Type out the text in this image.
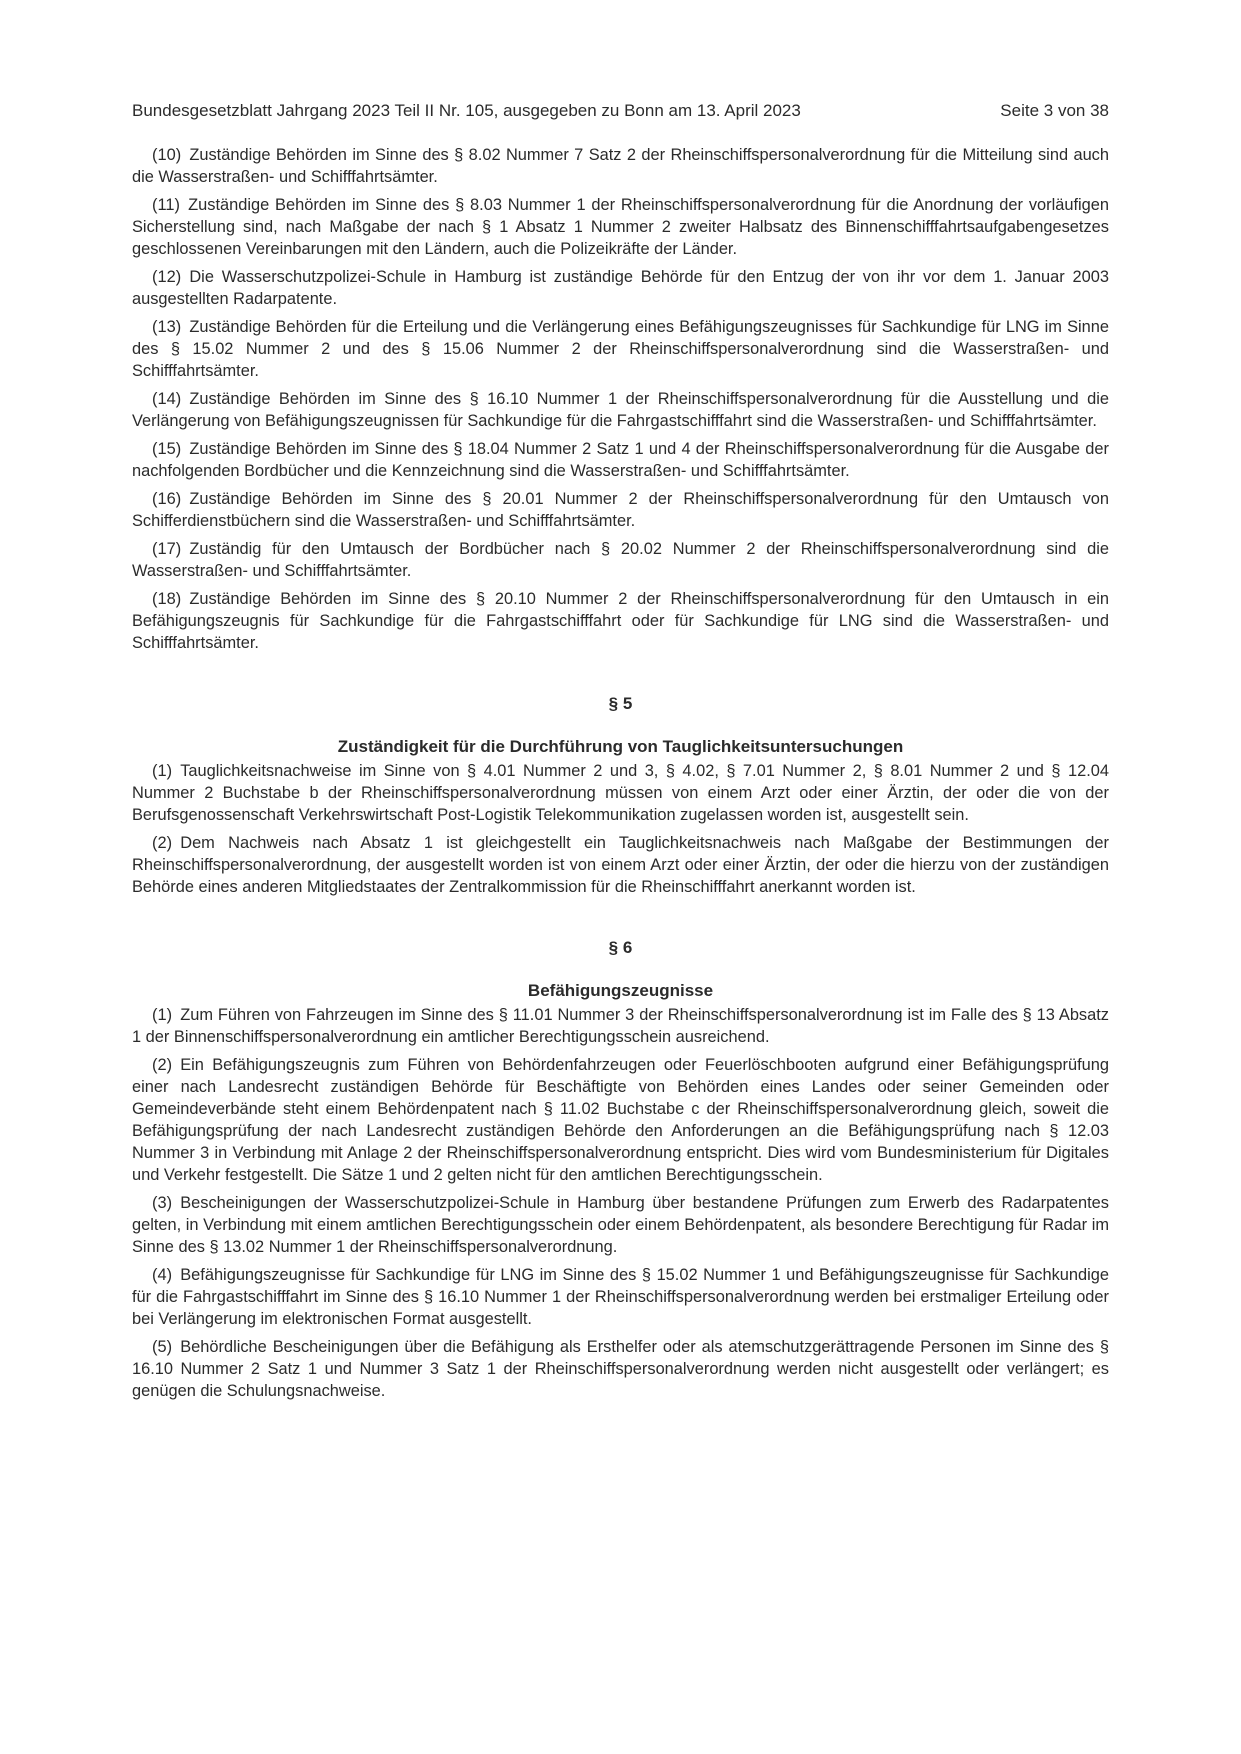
Bundesgesetzblatt Jahrgang 2023 Teil II Nr. 105, ausgegeben zu Bonn am 13. April 2023	Seite 3 von 38

(10) Zuständige Behörden im Sinne des § 8.02 Nummer 7 Satz 2 der Rheinschiffspersonalverordnung für die Mitteilung sind auch die Wasserstraßen- und Schifffahrtsämter.

(11) Zuständige Behörden im Sinne des § 8.03 Nummer 1 der Rheinschiffspersonalverordnung für die Anordnung der vorläufigen Sicherstellung sind, nach Maßgabe der nach § 1 Absatz 1 Nummer 2 zweiter Halbsatz des Binnenschifffahrtsaufgabengesetzes geschlossenen Vereinbarungen mit den Ländern, auch die Polizeikräfte der Länder.

(12) Die Wasserschutzpolizei-Schule in Hamburg ist zuständige Behörde für den Entzug der von ihr vor dem 1. Januar 2003 ausgestellten Radarpatente.

(13) Zuständige Behörden für die Erteilung und die Verlängerung eines Befähigungszeugnisses für Sachkundige für LNG im Sinne des § 15.02 Nummer 2 und des § 15.06 Nummer 2 der Rheinschiffspersonalverordnung sind die Wasserstraßen- und Schifffahrtsämter.

(14) Zuständige Behörden im Sinne des § 16.10 Nummer 1 der Rheinschiffspersonalverordnung für die Ausstellung und die Verlängerung von Befähigungszeugnissen für Sachkundige für die Fahrgastschifffahrt sind die Wasserstraßen- und Schifffahrtsämter.

(15) Zuständige Behörden im Sinne des § 18.04 Nummer 2 Satz 1 und 4 der Rheinschiffspersonalverordnung für die Ausgabe der nachfolgenden Bordbücher und die Kennzeichnung sind die Wasserstraßen- und Schifffahrtsämter.

(16) Zuständige Behörden im Sinne des § 20.01 Nummer 2 der Rheinschiffspersonalverordnung für den Umtausch von Schifferdienstbüchern sind die Wasserstraßen- und Schifffahrtsämter.

(17) Zuständig für den Umtausch der Bordbücher nach § 20.02 Nummer 2 der Rheinschiffspersonalverordnung sind die Wasserstraßen- und Schifffahrtsämter.

(18) Zuständige Behörden im Sinne des § 20.10 Nummer 2 der Rheinschiffspersonalverordnung für den Umtausch in ein Befähigungszeugnis für Sachkundige für die Fahrgastschifffahrt oder für Sachkundige für LNG sind die Wasserstraßen- und Schifffahrtsämter.

§ 5

Zuständigkeit für die Durchführung von Tauglichkeitsuntersuchungen

(1) Tauglichkeitsnachweise im Sinne von § 4.01 Nummer 2 und 3, § 4.02, § 7.01 Nummer 2, § 8.01 Nummer 2 und § 12.04 Nummer 2 Buchstabe b der Rheinschiffspersonalverordnung müssen von einem Arzt oder einer Ärztin, der oder die von der Berufsgenossenschaft Verkehrswirtschaft Post-Logistik Telekommunikation zugelassen worden ist, ausgestellt sein.

(2) Dem Nachweis nach Absatz 1 ist gleichgestellt ein Tauglichkeitsnachweis nach Maßgabe der Bestimmungen der Rheinschiffspersonalverordnung, der ausgestellt worden ist von einem Arzt oder einer Ärztin, der oder die hierzu von der zuständigen Behörde eines anderen Mitgliedstaates der Zentralkommission für die Rheinschifffahrt anerkannt worden ist.

§ 6

Befähigungszeugnisse

(1) Zum Führen von Fahrzeugen im Sinne des § 11.01 Nummer 3 der Rheinschiffspersonalverordnung ist im Falle des § 13 Absatz 1 der Binnenschiffspersonalverordnung ein amtlicher Berechtigungsschein ausreichend.

(2) Ein Befähigungszeugnis zum Führen von Behördenfahrzeugen oder Feuerlöschbooten aufgrund einer Befähigungsprüfung einer nach Landesrecht zuständigen Behörde für Beschäftigte von Behörden eines Landes oder seiner Gemeinden oder Gemeindeverbände steht einem Behördenpatent nach § 11.02 Buchstabe c der Rheinschiffspersonalverordnung gleich, soweit die Befähigungsprüfung der nach Landesrecht zuständigen Behörde den Anforderungen an die Befähigungsprüfung nach § 12.03 Nummer 3 in Verbindung mit Anlage 2 der Rheinschiffspersonalverordnung entspricht. Dies wird vom Bundesministerium für Digitales und Verkehr festgestellt. Die Sätze 1 und 2 gelten nicht für den amtlichen Berechtigungsschein.

(3) Bescheinigungen der Wasserschutzpolizei-Schule in Hamburg über bestandene Prüfungen zum Erwerb des Radarpatentes gelten, in Verbindung mit einem amtlichen Berechtigungsschein oder einem Behördenpatent, als besondere Berechtigung für Radar im Sinne des § 13.02 Nummer 1 der Rheinschiffspersonalverordnung.

(4) Befähigungszeugnisse für Sachkundige für LNG im Sinne des § 15.02 Nummer 1 und Befähigungszeugnisse für Sachkundige für die Fahrgastschifffahrt im Sinne des § 16.10 Nummer 1 der Rheinschiffspersonalverordnung werden bei erstmaliger Erteilung oder bei Verlängerung im elektronischen Format ausgestellt.

(5) Behördliche Bescheinigungen über die Befähigung als Ersthelfer oder als atemschutzgerättragende Personen im Sinne des § 16.10 Nummer 2 Satz 1 und Nummer 3 Satz 1 der Rheinschiffspersonalverordnung werden nicht ausgestellt oder verlängert; es genügen die Schulungsnachweise.
